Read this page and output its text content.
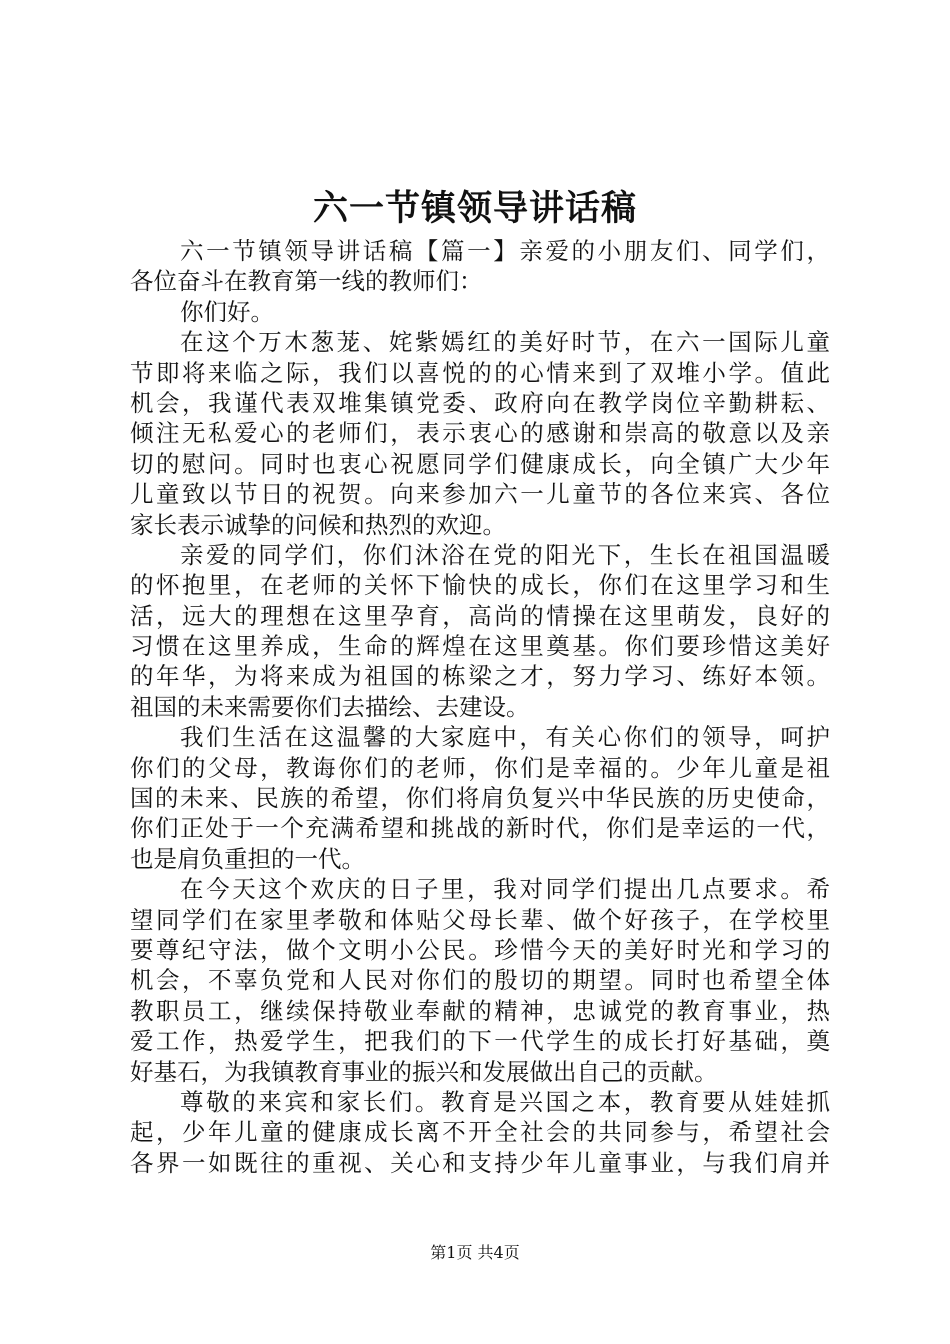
六一节镇领导讲话稿
六一节镇领导讲话稿【篇一】亲爱的小朋友们、同学们，
各位奋斗在教育第一线的教师们：
你们好。
在这个万木葱茏、姹紫嫣红的美好时节，在六一国际儿童
节即将来临之际，我们以喜悦的的心情来到了双堆小学。值此
机会，我谨代表双堆集镇党委、政府向在教学岗位辛勤耕耘、
倾注无私爱心的老师们，表示衷心的感谢和崇高的敬意以及亲
切的慰问。同时也衷心祝愿同学们健康成长，向全镇广大少年
儿童致以节日的祝贺。向来参加六一儿童节的各位来宾、各位
家长表示诚挚的问候和热烈的欢迎。
亲爱的同学们，你们沐浴在党的阳光下，生长在祖国温暖
的怀抱里，在老师的关怀下愉快的成长，你们在这里学习和生
活，远大的理想在这里孕育，高尚的情操在这里萌发，良好的
习惯在这里养成，生命的辉煌在这里奠基。你们要珍惜这美好
的年华，为将来成为祖国的栋梁之才，努力学习、练好本领。
祖国的未来需要你们去描绘、去建设。
我们生活在这温馨的大家庭中，有关心你们的领导，呵护
你们的父母，教诲你们的老师，你们是幸福的。少年儿童是祖
国的未来、民族的希望，你们将肩负复兴中华民族的历史使命，
你们正处于一个充满希望和挑战的新时代，你们是幸运的一代，
也是肩负重担的一代。
在今天这个欢庆的日子里，我对同学们提出几点要求。希
望同学们在家里孝敬和体贴父母长辈、做个好孩子，在学校里
要尊纪守法，做个文明小公民。珍惜今天的美好时光和学习的
机会，不辜负党和人民对你们的殷切的期望。同时也希望全体
教职员工，继续保持敬业奉献的精神，忠诚党的教育事业，热
爱工作，热爱学生，把我们的下一代学生的成长打好基础，奠
好基石，为我镇教育事业的振兴和发展做出自己的贡献。
尊敬的来宾和家长们。教育是兴国之本，教育要从娃娃抓
起，少年儿童的健康成长离不开全社会的共同参与，希望社会
各界一如既往的重视、关心和支持少年儿童事业，与我们肩并
第1页 共4页
